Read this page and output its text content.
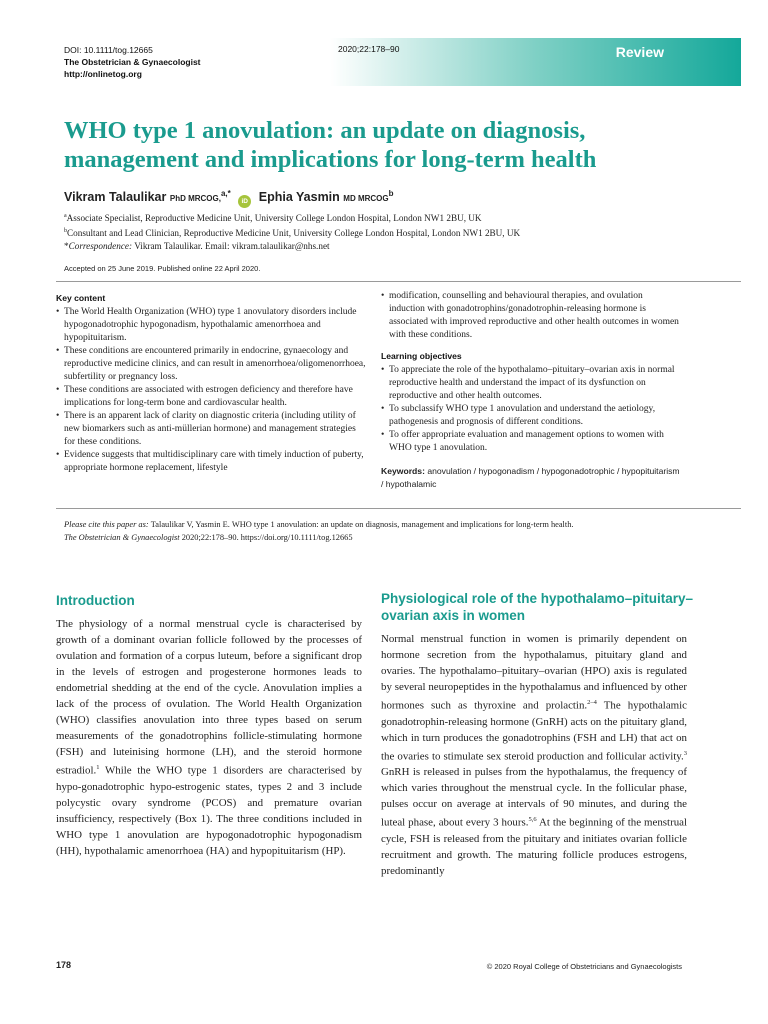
DOI: 10.1111/tog.12665
The Obstetrician & Gynaecologist
http://onlinetog.org
2020;22:178–90	Review
WHO type 1 anovulation: an update on diagnosis, management and implications for long-term health
Vikram Talaulikar PhD MRCOG,$^{a,*}$ iD Ephia Yasmin MD MRCOG$^b$
$^a$Associate Specialist, Reproductive Medicine Unit, University College London Hospital, London NW1 2BU, UK
$^b$Consultant and Lead Clinician, Reproductive Medicine Unit, University College London Hospital, London NW1 2BU, UK
*Correspondence: Vikram Talaulikar. Email: vikram.talaulikar@nhs.net
Accepted on 25 June 2019. Published online 22 April 2020.
Key content
• The World Health Organization (WHO) type 1 anovulatory disorders include hypogonadotrophic hypogonadism, hypothalamic amenorrhoea and hypopituitarism.
• These conditions are encountered primarily in endocrine, gynaecology and reproductive medicine clinics, and can result in amenorrhoea/oligomenorrhoea, subfertility or pregnancy loss.
• These conditions are associated with estrogen deficiency and therefore have implications for long-term bone and cardiovascular health.
• There is an apparent lack of clarity on diagnostic criteria (including utility of new biomarkers such as anti-müllerian hormone) and management strategies for these conditions.
• Evidence suggests that multidisciplinary care with timely induction of puberty, appropriate hormone replacement, lifestyle
• modification, counselling and behavioural therapies, and ovulation induction with gonadotrophins/gonadotrophin-releasing hormone is associated with improved reproductive and other health outcomes in women with these conditions.
Learning objectives
• To appreciate the role of the hypothalamo–pituitary–ovarian axis in normal reproductive health and understand the impact of its dysfunction on reproductive and other health outcomes.
• To subclassify WHO type 1 anovulation and understand the aetiology, pathogenesis and prognosis of different conditions.
• To offer appropriate evaluation and management options to women with WHO type 1 anovulation.
Keywords: anovulation / hypogonadism / hypogonadotrophic / hypopituitarism / hypothalamic
Please cite this paper as: Talaulikar V, Yasmin E. WHO type 1 anovulation: an update on diagnosis, management and implications for long-term health.
The Obstetrician & Gynaecologist 2020;22:178–90. https://doi.org/10.1111/tog.12665
Introduction
The physiology of a normal menstrual cycle is characterised by growth of a dominant ovarian follicle followed by the processes of ovulation and formation of a corpus luteum, before a significant drop in the levels of estrogen and progesterone hormones leads to endometrial shedding at the end of the cycle. Anovulation implies a lack of the process of ovulation. The World Health Organization (WHO) classifies anovulation into three types based on serum measurements of the gonadotrophins follicle-stimulating hormone (FSH) and luteinising hormone (LH), and the steroid hormone estradiol.$^1$ While the WHO type 1 disorders are characterised by hypo-gonadotrophic hypo-estrogenic states, types 2 and 3 include polycystic ovary syndrome (PCOS) and premature ovarian insufficiency, respectively (Box 1). The three conditions included in WHO type 1 anovulation are hypogonadotrophic hypogonadism (HH), hypothalamic amenorrhoea (HA) and hypopituitarism (HP).
Physiological role of the hypothalamo–pituitary–ovarian axis in women
Normal menstrual function in women is primarily dependent on hormone secretion from the hypothalamus, pituitary gland and ovaries. The hypothalamo–pituitary–ovarian (HPO) axis is regulated by several neuropeptides in the hypothalamus and influenced by other hormones such as thyroxine and prolactin.$^{2-4}$ The hypothalamic gonadotrophin-releasing hormone (GnRH) acts on the pituitary gland, which in turn produces the gonadotrophins (FSH and LH) that act on the ovaries to stimulate sex steroid production and follicular activity.$^3$ GnRH is released in pulses from the hypothalamus, the frequency of which varies throughout the menstrual cycle. In the follicular phase, pulses occur on average at intervals of 90 minutes, and during the luteal phase, about every 3 hours.$^{5,6}$ At the beginning of the menstrual cycle, FSH is released from the pituitary and initiates ovarian follicle recruitment and growth. The maturing follicle produces estrogens, predominantly
178	© 2020 Royal College of Obstetricians and Gynaecologists
